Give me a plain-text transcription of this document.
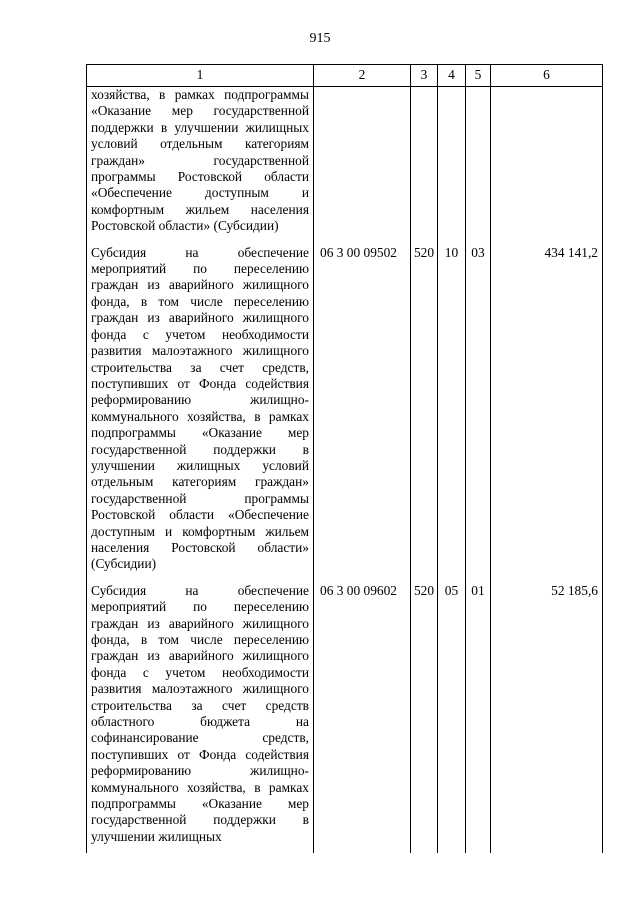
915
1	2	3	4	5	6

хозяйства, в рамках подпрограммы «Оказание мер государственной поддержки в улучшении жилищных условий отдельным категориям граждан» государственной программы Ростовской области «Обеспечение доступным и комфортным жильем населения Ростовской области» (Субсидии)					

Субсидия на обеспечение мероприятий по переселению граждан из аварийного жилищного фонда, в том числе переселению граждан из аварийного жилищного фонда с учетом необходимости развития малоэтажного жилищного строительства за счет средств, поступивших от Фонда содействия реформированию жилищно-коммунального хозяйства, в рамках подпрограммы «Оказание мер государственной поддержки в улучшении жилищных условий отдельным категориям граждан» государственной программы Ростовской области «Обеспечение доступным и комфортным жильем населения Ростовской области» (Субсидии)	06 3 00 09502	520	10	03	434 141,2

Субсидия на обеспечение мероприятий по переселению граждан из аварийного жилищного фонда, в том числе переселению граждан из аварийного жилищного фонда с учетом необходимости развития малоэтажного жилищного строительства за счет средств областного бюджета на софинансирование средств, поступивших от Фонда содействия реформированию жилищно-коммунального хозяйства, в рамках подпрограммы «Оказание мер государственной поддержки в улучшении жилищных	06 3 00 09602	520	05	01	52 185,6
